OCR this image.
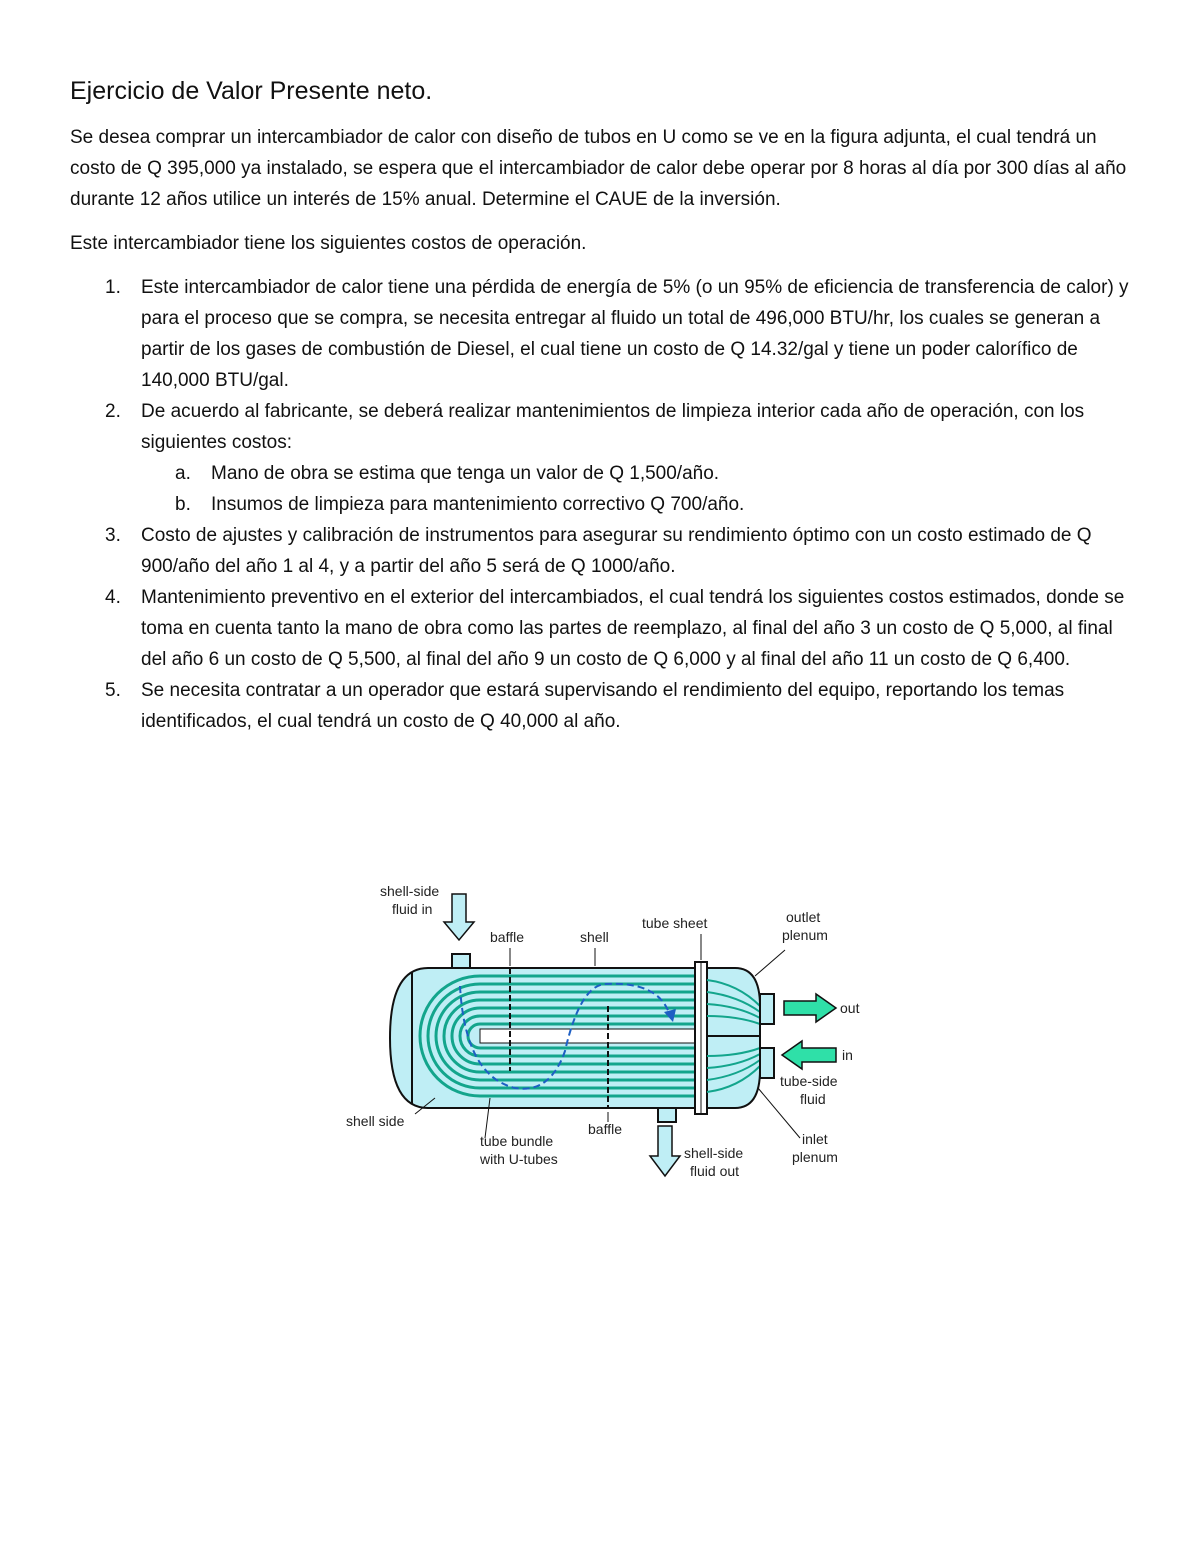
Ejercicio de Valor Presente neto.

Se desea comprar un intercambiador de calor con diseño de tubos en U como se ve en la figura adjunta, el cual tendrá un costo de Q 395,000 ya instalado, se espera que el intercambiador de calor debe operar por 8 horas al día por 300 días al año durante 12 años utilice un interés de 15% anual. Determine el CAUE de la inversión.

Este intercambiador tiene los siguientes costos de operación.

1. Este intercambiador de calor tiene una pérdida de energía de 5% (o un 95% de eficiencia de transferencia de calor) y para el proceso que se compra, se necesita entregar al fluido un total de 496,000 BTU/hr, los cuales se generan a partir de los gases de combustión de Diesel, el cual tiene un costo de Q 14.32/gal y tiene un poder calorífico de 140,000 BTU/gal.
2. De acuerdo al fabricante, se deberá realizar mantenimientos de limpieza interior cada año de operación, con los siguientes costos:
a. Mano de obra se estima que tenga un valor de Q 1,500/año.
b. Insumos de limpieza para mantenimiento correctivo Q 700/año.
3. Costo de ajustes y calibración de instrumentos para asegurar su rendimiento óptimo con un costo estimado de Q 900/año del año 1 al 4, y a partir del año 5 será de Q 1000/año.
4. Mantenimiento preventivo en el exterior del intercambiados, el cual tendrá los siguientes costos estimados, donde se toma en cuenta tanto la mano de obra como las partes de reemplazo, al final del año 3 un costo de Q 5,000, al final del año 6 un costo de Q 5,500, al final del año 9 un costo de Q 6,000 y al final del año 11 un costo de Q 6,400.
5. Se necesita contratar a un operador que estará supervisando el rendimiento del equipo, reportando los temas identificados, el cual tendrá un costo de Q 40,000 al año.
shell-side
fluid in
baffle	shell
tube sheet	outlet
plenum
out
in
tube-side
fluid
inlet
plenum
shell side
tube bundle
with U-tubes
baffle
shell-side
fluid out
